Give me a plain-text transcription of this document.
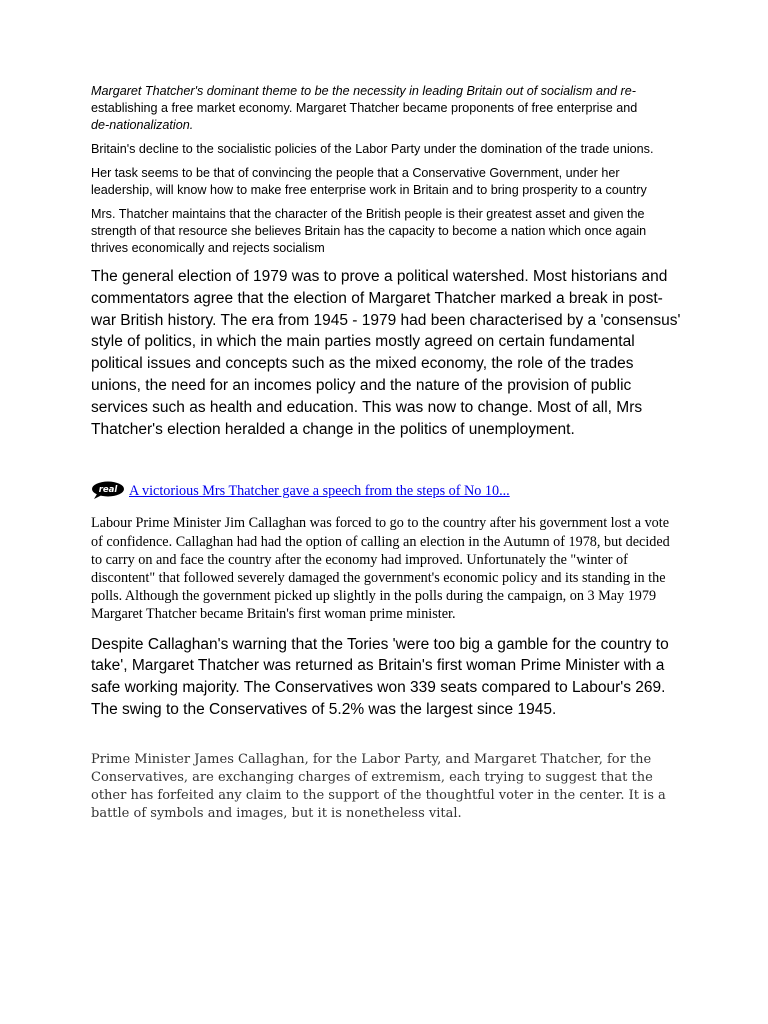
Margaret Thatcher's dominant theme to be the necessity in leading Britain out of socialism and re-
establishing a free market economy. Margaret Thatcher became proponents of free enterprise and
de-nationalization.

Britain's decline to the socialistic policies of the Labor Party under the domination of the trade unions.

Her task seems to be that of convincing the people that a Conservative Government, under her leadership, will know how to make free enterprise work in Britain and to bring prosperity to a country

Mrs. Thatcher maintains that the character of the British people is their greatest asset and given the strength of that resource she believes Britain has the capacity to become a nation which once again thrives economically and rejects socialism

The general election of 1979 was to prove a political watershed. Most historians and commentators agree that the election of Margaret Thatcher marked a break in post-war British history. The era from 1945 - 1979 had been characterised by a 'consensus' style of politics, in which the main parties mostly agreed on certain fundamental political issues and concepts such as the mixed economy, the role of the trades unions, the need for an incomes policy and the nature of the provision of public services such as health and education. This was now to change. Most of all, Mrs Thatcher's election heralded a change in the politics of unemployment.

real A victorious Mrs Thatcher gave a speech from the steps of No 10...

Labour Prime Minister Jim Callaghan was forced to go to the country after his government lost a vote of confidence. Callaghan had had the option of calling an election in the Autumn of 1978, but decided to carry on and face the country after the economy had improved. Unfortunately the "winter of discontent" that followed severely damaged the government's economic policy and its standing in the polls. Although the government picked up slightly in the polls during the campaign, on 3 May 1979 Margaret Thatcher became Britain's first woman prime minister.

Despite Callaghan's warning that the Tories 'were too big a gamble for the country to take', Margaret Thatcher was returned as Britain's first woman Prime Minister with a safe working majority. The Conservatives won 339 seats compared to Labour's 269. The swing to the Conservatives of 5.2% was the largest since 1945.

Prime Minister James Callaghan, for the Labor Party, and Margaret Thatcher, for the Conservatives, are exchanging charges of extremism, each trying to suggest that the other has forfeited any claim to the support of the thoughtful voter in the center. It is a battle of symbols and images, but it is nonetheless vital.
